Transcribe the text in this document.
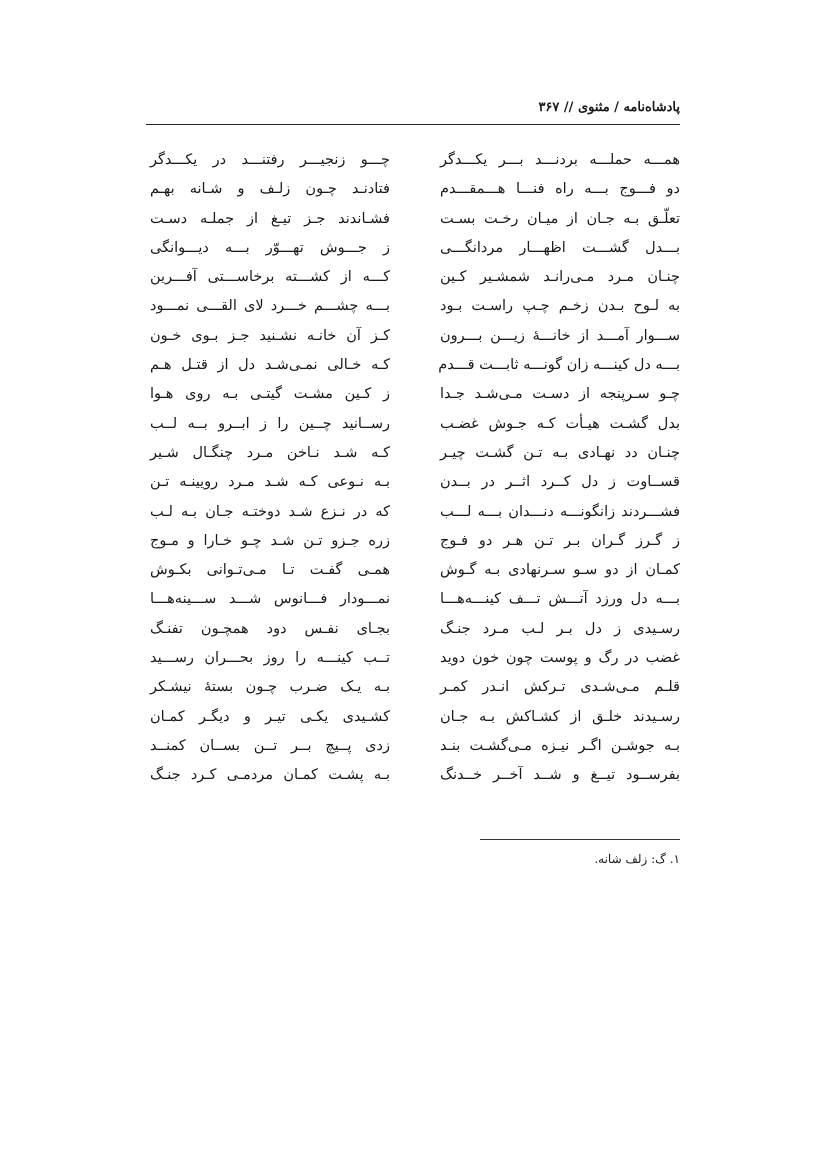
پادشاه‌نامه / مثنوی // ۳۶۷
همـــه حملـــه بردنـــد بـــر یکـــدگر
چـــو زنجیـــر رفتنـــد در یکـــدگر
دو فـــوج بـــه راه فنـــا هـــمقـــدم
فتادنـد چـون زلـف و شـانه بهـم
تعلّـق بـه جـان از میـان رخـت بسـت
فشـاندند جـز تیـغ از جملـه دسـت
بـــدل گشـــت اظهـــار مردانگـــی
ز جـــوش تهـــوّر بـــه دیـــوانگی
چنـان مـرد مـی‌رانـد شمشـیر کـین
کـــه از کشـــته برخاســـتی آفـــرین
به لـوح بـدن زخـم چـپ راسـت بـود
بـــه چشـــم خـــرد لای القـــی نمـــود
ســـوار آمـــد از خانـــهٔ زیـــن بـــرون
کـز آن خانـه نشـنید جـز بـوی خـون
بـــه دل کینـــه زان گونـــه ثابـــت قـــدم
کـه خـالی نمـی‌شـد دل از قتـل هـم
چـو سـرپنجه از دسـت مـی‌شـد جـدا
ز کـین مشـت گیتـی بـه روی هـوا
بدل گشـت هیـأت کـه جـوش غضـب
رســانید چــین را ز ابــرو بــه لــب
چنـان دد نهـادی بـه تـن گشـت چیـر
کـه شـد نـاخن مـرد چنگـال شـیر
قســاوت ز دل کــرد اثــر در بــدن
بـه نـوعی کـه شـد مـرد رویینـه تـن
فشـــردند زانگونـــه دنـــدان بـــه لـــب
که در نـزع شـد دوختـه جـان بـه لـب
ز گـرز گـران بـر تـن هـر دو فـوج
زره جـزو تـن شـد چـو خـارا و مـوج
کمـان از دو سـو سـرنهادی بـه گـوش
همـی گفـت تـا مـی‌تـوانی بکـوش
بـــه دل ورزد آتـــش تـــف کینـــه‌هـــا
نمـــودار فـــانوس شـــد ســـینه‌هـــا
رسـیدی ز دل بـر لـب مـرد جنـگ
بجـای نفـس دود همچـون تفنـگ
غضب در رگ و پوست چون خون دوید
تــب کینـــه را روز بحـــران رســـید
قلـم مـی‌شـدی تـرکش انـدر کمـر
بـه یـک ضـرب چـون بستهٔ نیشـکر
رسـیدند خلـق از کشـاکش بـه جـان
کشـیدی یکـی تیـر و دیگـر کمـان
بـه جوشـن اگـر نیـزه مـی‌گشـت بنـد
زدی پــیچ بــر تــن بســان کمنــد
بفرســود تیــغ و شــد آخــر خــدنگ
بـه پشـت کمـان مردمـی کـرد جنـگ
۱. گ: زلف شانه.
